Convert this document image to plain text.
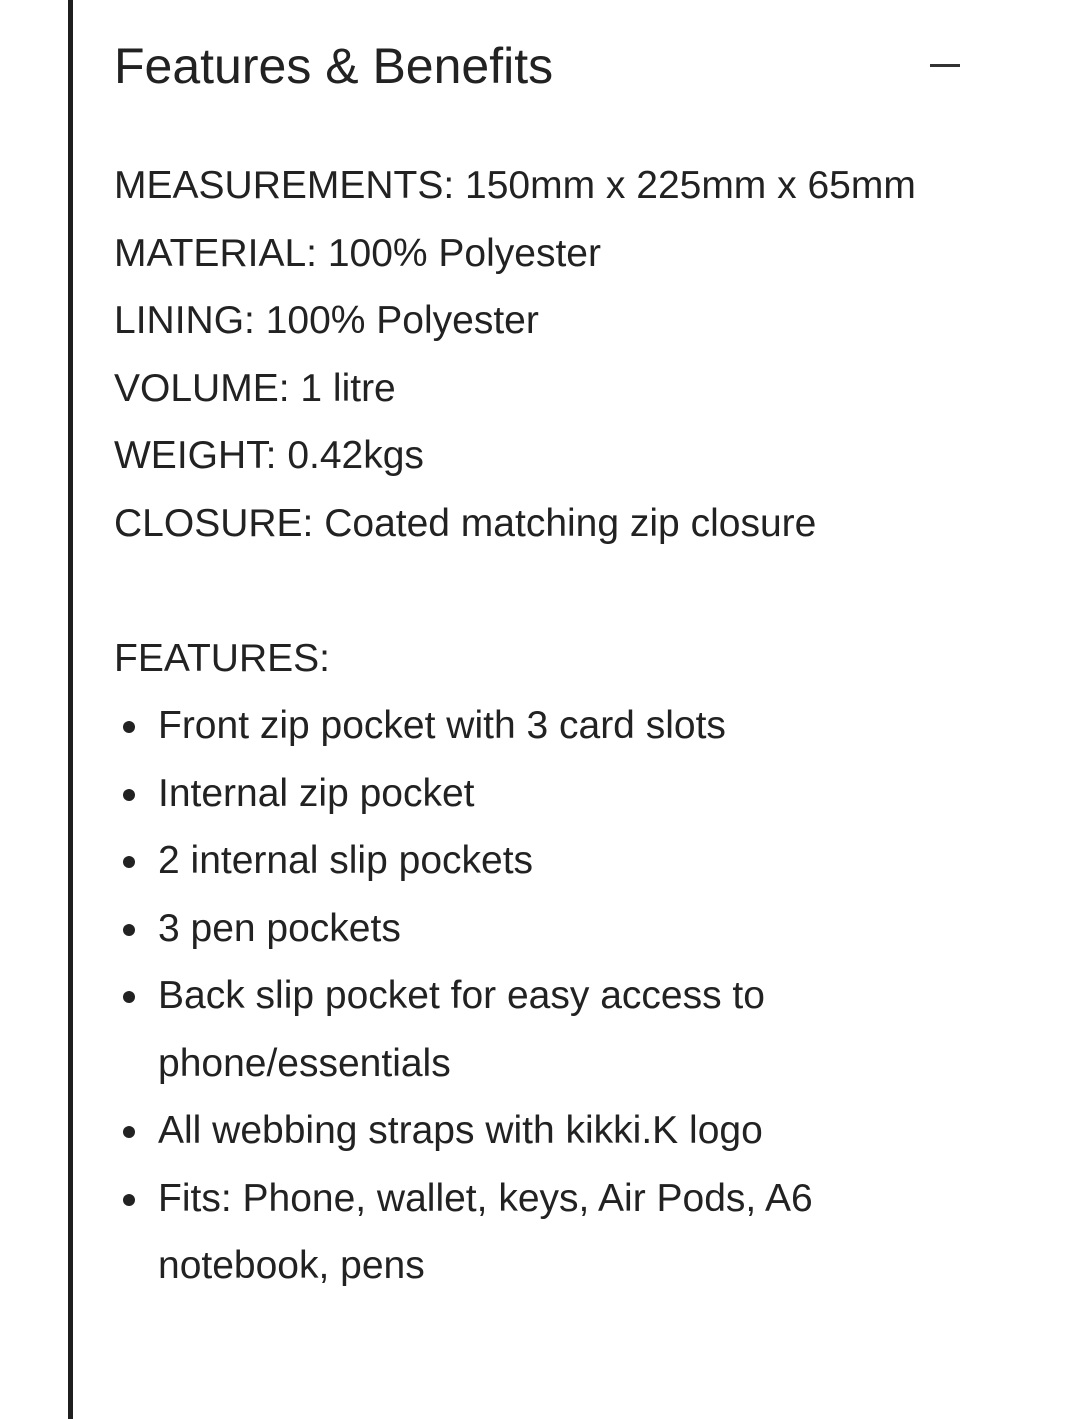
Features & Benefits

MEASUREMENTS: 150mm x 225mm x 65mm

MATERIAL: 100% Polyester

LINING: 100% Polyester

VOLUME: 1 litre

WEIGHT: 0.42kgs

CLOSURE: Coated matching zip closure

FEATURES:

Front zip pocket with 3 card slots
Internal zip pocket
2 internal slip pockets
3 pen pockets
Back slip pocket for easy access to phone/essentials
All webbing straps with kikki.K logo
Fits: Phone, wallet, keys, Air Pods, A6 notebook, pens
